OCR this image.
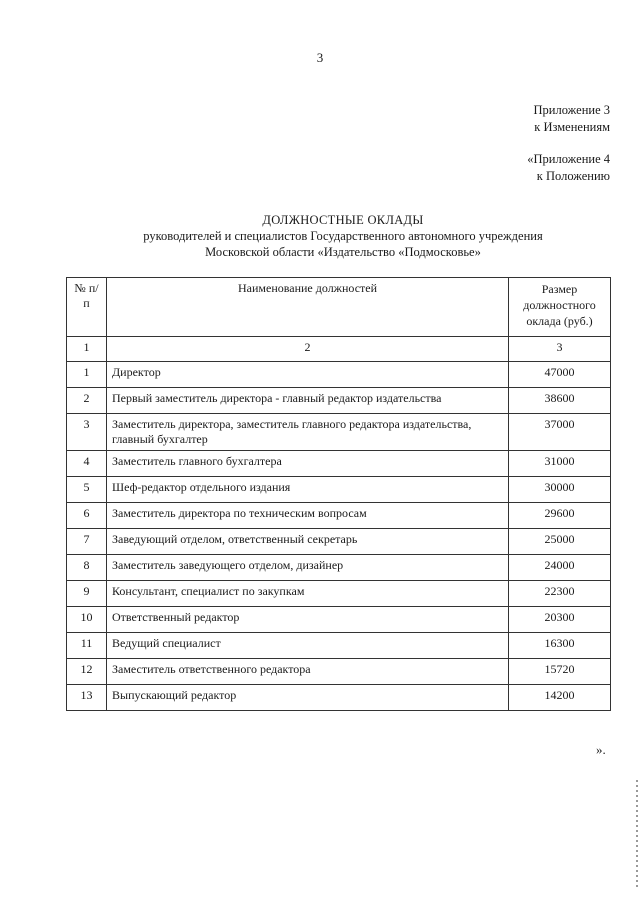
3
Приложение 3
к Изменениям
«Приложение 4
к Положению
ДОЛЖНОСТНЫЕ ОКЛАДЫ
руководителей и специалистов Государственного автономного учреждения
Московской области «Издательство «Подмосковье»
№ п/п	Наименование должностей	Размер должностного оклада (руб.)
1	2	3
1	Директор	47000
2	Первый заместитель директора - главный редактор издательства	38600
3	Заместитель директора, заместитель главного редактора издательства, главный бухгалтер	37000
4	Заместитель главного бухгалтера	31000
5	Шеф-редактор отдельного издания	30000
6	Заместитель директора по техническим вопросам	29600
7	Заведующий отделом, ответственный секретарь	25000
8	Заместитель заведующего отделом, дизайнер	24000
9	Консультант, специалист по закупкам	22300
10	Ответственный редактор	20300
11	Ведущий специалист	16300
12	Заместитель ответственного редактора	15720
13	Выпускающий редактор	14200
».
